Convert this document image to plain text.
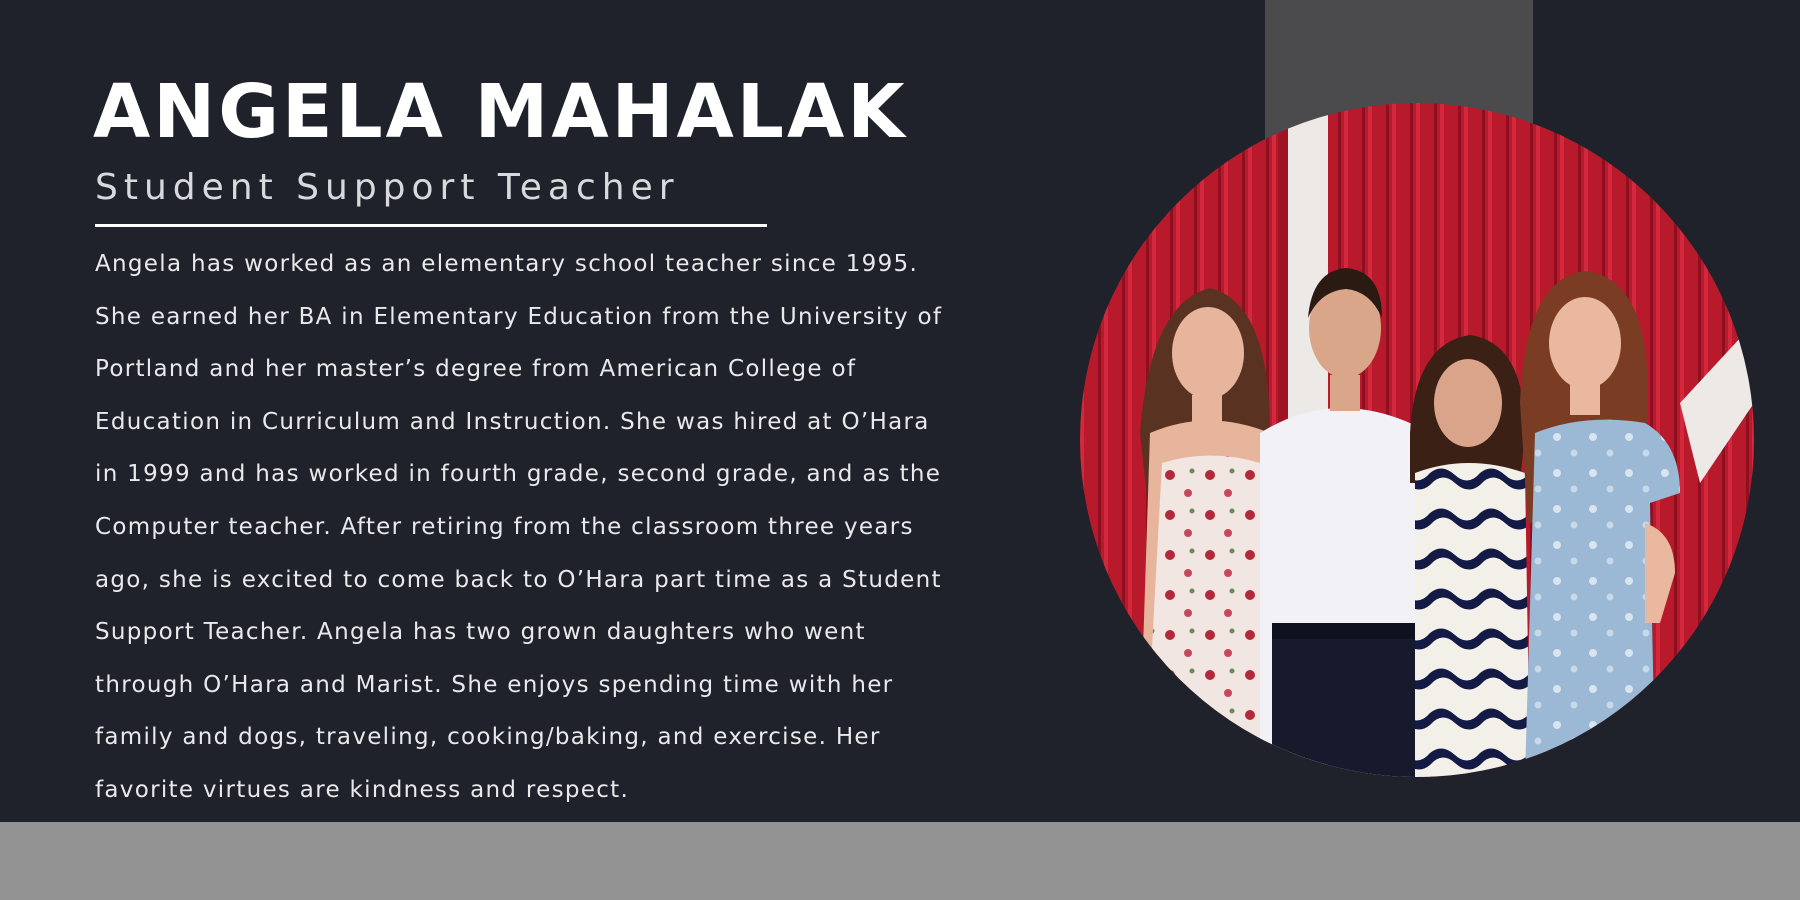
ANGELA MAHALAK
Student Support Teacher

Angela has worked as an elementary school teacher since 1995.
She earned her BA in Elementary Education from the University of
Portland and her master’s degree from American College of
Education in Curriculum and Instruction. She was hired at O’Hara
in 1999 and has worked in fourth grade, second grade, and as the
Computer teacher. After retiring from the classroom three years
ago, she is excited to come back to O’Hara part time as a Student
Support Teacher. Angela has two grown daughters who went
through O’Hara and Marist. She enjoys spending time with her
family and dogs, traveling, cooking/baking, and exercise. Her
favorite virtues are kindness and respect.
